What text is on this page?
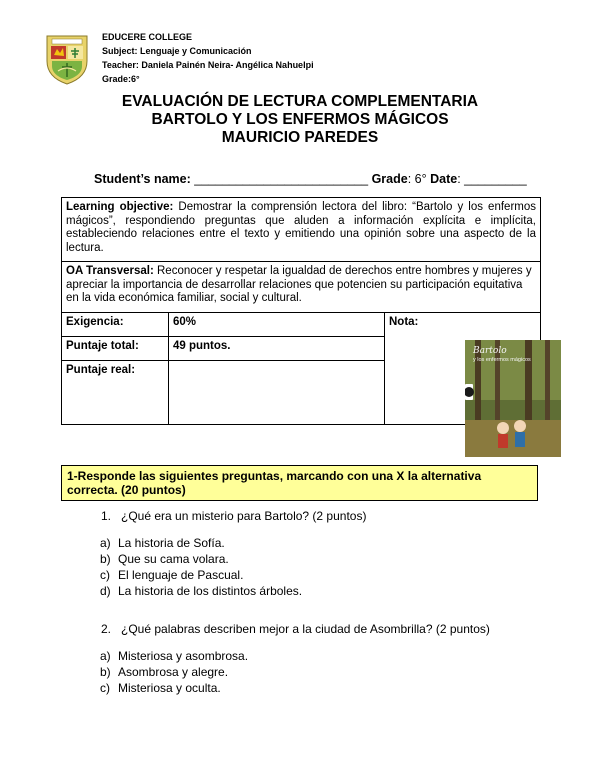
EDUCERE COLLEGE
Subject: Lenguaje y Comunicación
Teacher: Daniela Painén Neira- Angélica Nahuelpi
Grade:6°
EVALUACIÓN DE LECTURA COMPLEMENTARIA
BARTOLO Y LOS ENFERMOS MÁGICOS
MAURICIO PAREDES
Student’s name: _________________________ Grade: 6° Date: _________
Learning objective: Demostrar la comprensión lectora del libro: “Bartolo y los enfermos mágicos”, respondiendo preguntas que aluden a información explícita e implícita, estableciendo relaciones entre el texto y emitiendo una opinión sobre una aspecto de la lectura.		
OA Transversal: Reconocer y respetar la igualdad de derechos entre hombres y mujeres y apreciar la importancia de desarrollar relaciones que potencien su participación equitativa en la vida económica familiar, social y cultural.		
Exigencia:	60%	Nota:
Puntaje total:	49 puntos.	
Puntaje real:		
Bartolo
y los enfermos mágicos
1-Responde las siguientes preguntas, marcando con una X la alternativa correcta. (20 puntos)
1. ¿Qué era un misterio para Bartolo? (2 puntos)
a) La historia de Sofía.
b) Que su cama volara.
c) El lenguaje de Pascual.
d) La historia de los distintos árboles.
2. ¿Qué palabras describen mejor a la ciudad de Asombrilla? (2 puntos)
a) Misteriosa y asombrosa.
b) Asombrosa y alegre.
c) Misteriosa y oculta.
